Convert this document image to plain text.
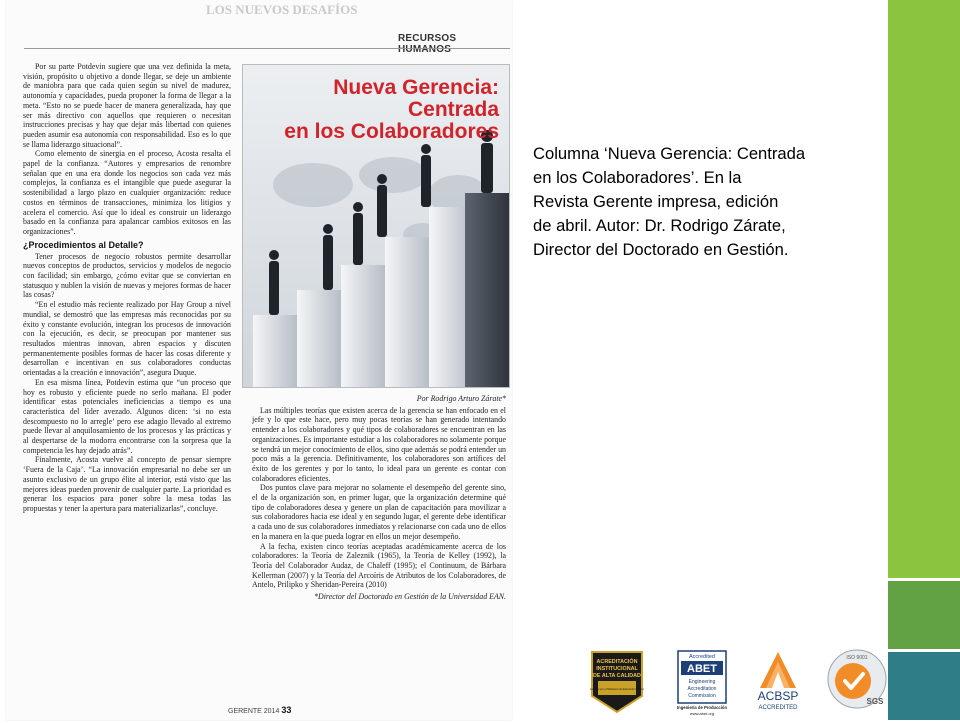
LOS NUEVOS DESAFÍOS
RECURSOS HUMANOS

Por su parte Potdevin sugiere que una vez definida la meta, visión, propósito u objetivo a donde llegar, se deje un ambiente de maniobra para que cada quien según su nivel de madurez, autonomía y capacidades, pueda proponer la forma de llegar a la meta. “Esto no se puede hacer de manera generalizada, hay que ser más directivo con aquellos que requieren o necesitan instrucciones precisas y hay que dejar más libertad con quienes pueden asumir esa autonomía con responsabilidad. Eso es lo que se llama liderazgo situacional”.

Como elemento de sinergia en el proceso, Acosta resalta el papel de la confianza. “Autores y empresarios de renombre señalan que en una era donde los negocios son cada vez más complejos, la confianza es el intangible que puede asegurar la sostenibilidad a largo plazo en cualquier organización: reduce costos en términos de transacciones, minimiza los litigios y acelera el comercio. Así que lo ideal es construir un liderazgo basado en la confianza para apalancar cambios exitosos en las organizaciones”.

¿Procedimientos al Detalle?

Tener procesos de negocio robustos permite desarrollar nuevos conceptos de productos, servicios y modelos de negocio con facilidad; sin embargo, ¿cómo evitar que se conviertan en statusquo y nublen la visión de nuevas y mejores formas de hacer las cosas?

“En el estudio más reciente realizado por Hay Group a nivel mundial, se demostró que las empresas más reconocidas por su éxito y constante evolución, integran los procesos de innovación con la ejecución, es decir, se preocupan por mantener sus resultados mientras innovan, abren espacios y discuten permanentemente posibles formas de hacer las cosas diferente y desarrollan e incentivan en sus colaboradores conductas orientadas a la creación e innovación”, asegura Duque.

En esa misma línea, Potdevin estima que “un proceso que hoy es robusto y eficiente puede no serlo mañana. El poder identificar estas potenciales ineficiencias a tiempo es una característica del líder avezado. Algunos dicen: ‘si no esta descompuesto no lo arregle’ pero ese adagio llevado al extremo puede llevar al anquilosamiento de los procesos y las prácticas y al despertarse de la modorra encontrarse con la sorpresa que la competencia les hay dejado atrás”.

Finalmente, Acosta vuelve al concepto de pensar siempre ‘Fuera de la Caja’. “La innovación empresarial no debe ser un asunto exclusivo de un grupo élite al interior, está visto que las mejores ideas pueden provenir de cualquier parte. La prioridad es generar los espacios para poner sobre la mesa todas las propuestas y tener la apertura para materializarlas”, concluye.

Nueva Gerencia: Centrada
en los Colaboradores
Por Rodrigo Arturo Zárate*

Las múltiples teorías que existen acerca de la gerencia se han enfocado en el jefe y lo que este hace, pero muy pocas teorías se han generado intentando entender a los colaboradores y qué tipos de colaboradores se encuentran en las organizaciones. Es importante estudiar a los colaboradores no solamente porque se tendrá un mejor conocimiento de ellos, sino que además se podrá entender un poco más a la gerencia. Definitivamente, los colaboradores son artífices del éxito de los gerentes y por lo tanto, lo ideal para un gerente es contar con colaboradores eficientes.

Dos puntos clave para mejorar no solamente el desempeño del gerente sino, el de la organización son, en primer lugar, que la organización determine qué tipo de colaboradores desea y genere un plan de capacitación para movilizar a sus colaboradores hacia ese ideal y en segundo lugar, el gerente debe identificar a cada uno de sus colaboradores inmediatos y relacionarse con cada uno de ellos en la manera en la que pueda lograr en ellos un mejor desempeño.

A la fecha, existen cinco teorías aceptadas académicamente acerca de los colaboradores: la Teoría de Zaleznik (1965), la Teoría de Kelley (1992), la Teoría del Colaborador Audaz, de Chaleff (1995); el Continuum, de Bárbara Kellerman (2007) y la Teoría del Arcoíris de Atributos de los Colaboradores, de Antelo, Prilipko y Sheridan-Pereira (2010)

*Director del Doctorado en Gestión de la Universidad EAN.
GERENTE 2014 33
Columna ‘Nueva Gerencia: Centrada
en los Colaboradores’. En la
Revista Gerente impresa, edición
de abril. Autor: Dr. Rodrigo Zárate,
Director del Doctorado en Gestión.
ACREDITACIÓN
INSTITUCIONAL
DE ALTA CALIDAD
Otorgado por el Ministerio de Educación Nacional
Accredited
ABET
Engineering
Accreditation
Commission
Ingeniería de Producción
www.abet.org
ACBSP
ACCREDITED
ISO 9001
SGS
